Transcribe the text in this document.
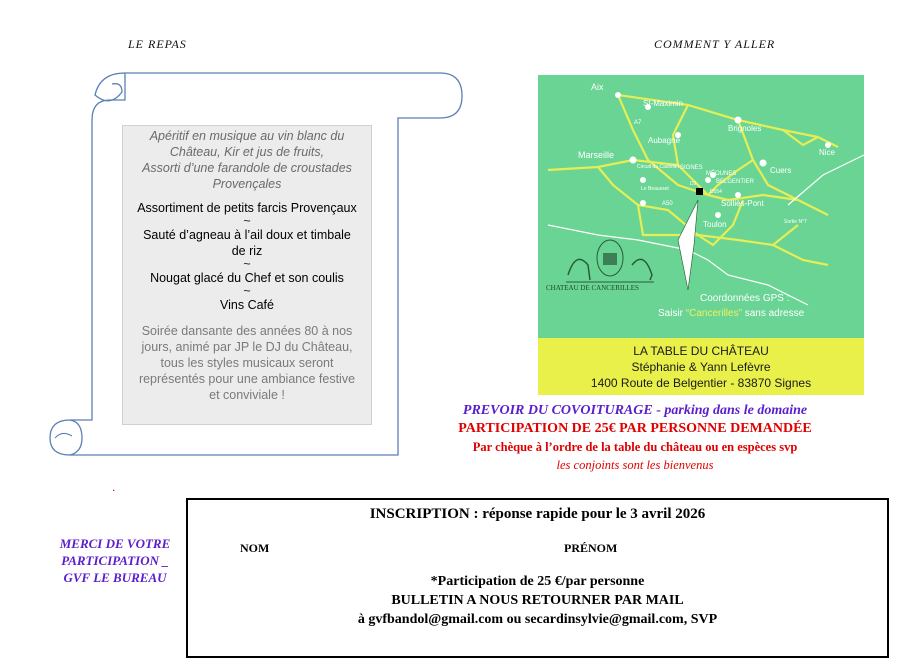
LE REPAS	COMMENT Y ALLER
Apéritif en musique au vin blanc du
Château, Kir et jus de fruits,
Assorti d’une farandole de croustades
Provençales
Assortiment de petits farcis Provençaux
~
Sauté d’agneau à l’ail doux et timbale
de riz
~
Nougat glacé du Chef et son coulis
~
Vins Café
Soirée dansante des années 80 à nos
jours, animé par JP le DJ du Château,
tous les styles musicaux seront
représentés pour une ambiance festive
et conviviale !
Aix
St-Maximin
Brignoles
Aubagne
Marseille	Nice
Cuers
SIGNES
MÉOUNES
BELGENTIER
Solliès-Pont
Toulon
Circuit du Castellet
Le Beausset
Sortie N°7
A7
A50
D2
D554
CHATEAU DE CANCERILLES
Coordonnées GPS :
Saisir “Cancerilles” sans adresse
LA TABLE DU CHÂTEAU
Stéphanie & Yann Lefèvre
1400 Route de Belgentier - 83870 Signes
PREVOIR DU COVOITURAGE - parking dans le domaine
PARTICIPATION DE 25€ PAR PERSONNE DEMANDÉE
Par chèque à l’ordre de la table du château ou en espèces svp
les conjoints sont les bienvenus
.
MERCI DE VOTRE
PARTICIPATION _
GVF LE BUREAU
INSCRIPTION : réponse rapide pour le 3 avril 2026
NOM	PRÉNOM
*Participation de 25 €/par personne
BULLETIN A NOUS RETOURNER PAR MAIL
à gvfbandol@gmail.com ou secardinsylvie@gmail.com, SVP
